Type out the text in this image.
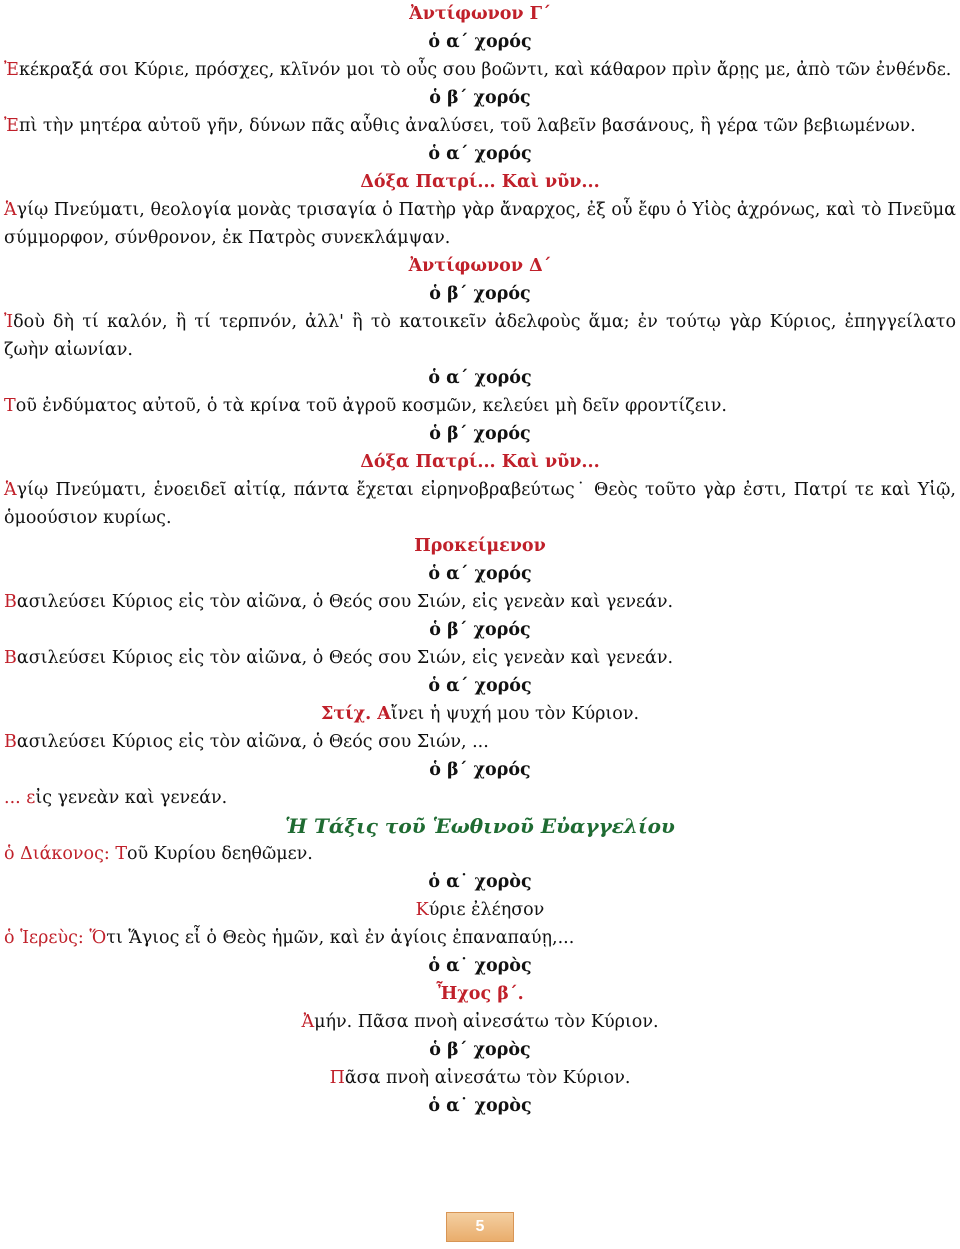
Ἀντίφωνον Γ΄

ὁ α΄ χορός

Ἐκέκραξά σοι Κύριε, πρόσχες, κλῖνόν μοι τὸ οὖς σου βοῶντι, καὶ κάθαρον πρὶν ἄρῃς με, ἀπὸ τῶν ἐνθένδε.

ὁ β΄ χορός

Ἐπὶ τὴν μητέρα αὐτοῦ γῆν, δύνων πᾶς αὖθις ἀναλύσει, τοῦ λαβεῖν βασάνους, ἢ γέρα τῶν βεβιωμένων.

ὁ α΄ χορός

Δόξα Πατρί... Καὶ νῦν...

Ἁγίῳ Πνεύματι, θεολογία μονὰς τρισαγία ὁ Πατὴρ γὰρ ἄναρχος, ἐξ οὗ ἔφυ ὁ Υἱὸς ἀχρόνως, καὶ τὸ Πνεῦμα σύμμορφον, σύνθρονον, ἐκ Πατρὸς συνεκλάμψαν.

Ἀντίφωνον Δ΄

ὁ β΄ χορός

Ἰδοὺ δὴ τί καλόν, ἢ τί τερπνόν, ἀλλ' ἢ τὸ κατοικεῖν ἀδελφοὺς ἅμα; ἐν τούτῳ γὰρ Κύριος, ἐπηγγείλατο ζωὴν αἰωνίαν.

ὁ α΄ χορός

Τοῦ ἐνδύματος αὐτοῦ, ὁ τὰ κρίνα τοῦ ἀγροῦ κοσμῶν, κελεύει μὴ δεῖν φροντίζειν.

ὁ β΄ χορός

Δόξα Πατρί... Καὶ νῦν...

Ἁγίῳ Πνεύματι, ἑνοειδεῖ αἰτίᾳ, πάντα ἔχεται εἰρηνοβραβεύτως˙ Θεὸς τοῦτο γὰρ ἐστι, Πατρί τε καὶ Υἱῷ, ὁμοούσιον κυρίως.

Προκείμενον

ὁ α΄ χορός

Βασιλεύσει Κύριος εἰς τὸν αἰῶνα, ὁ Θεός σου Σιών, εἰς γενεὰν καὶ γενεάν.

ὁ β΄ χορός

Βασιλεύσει Κύριος εἰς τὸν αἰῶνα, ὁ Θεός σου Σιών, εἰς γενεὰν καὶ γενεάν.

ὁ α΄ χορός

Στίχ. Αἴνει ἡ ψυχή μου τὸν Κύριον.

Βασιλεύσει Κύριος εἰς τὸν αἰῶνα, ὁ Θεός σου Σιών, ...

ὁ β΄ χορός

... εἰς γενεὰν καὶ γενεάν.

Ἡ Τάξις τοῦ Ἑωθινοῦ Εὐαγγελίου

ὁ Διάκονος: Τοῦ Κυρίου δεηθῶμεν.

ὁ α˙ χορὸς

Κύριε ἐλέησον

ὁ Ἱερεὺς: Ὅτι Ἅγιος εἶ ὁ Θεὸς ἡμῶν, καὶ ἐν ἁγίοις ἐπαναπαύῃ,...

ὁ α˙ χορὸς

Ἦχος β΄.

Ἀμήν. Πᾶσα πνοὴ αἰνεσάτω τὸν Κύριον.

ὁ β΄ χορὸς

Πᾶσα πνοὴ αἰνεσάτω τὸν Κύριον.

ὁ α˙ χορὸς

5
